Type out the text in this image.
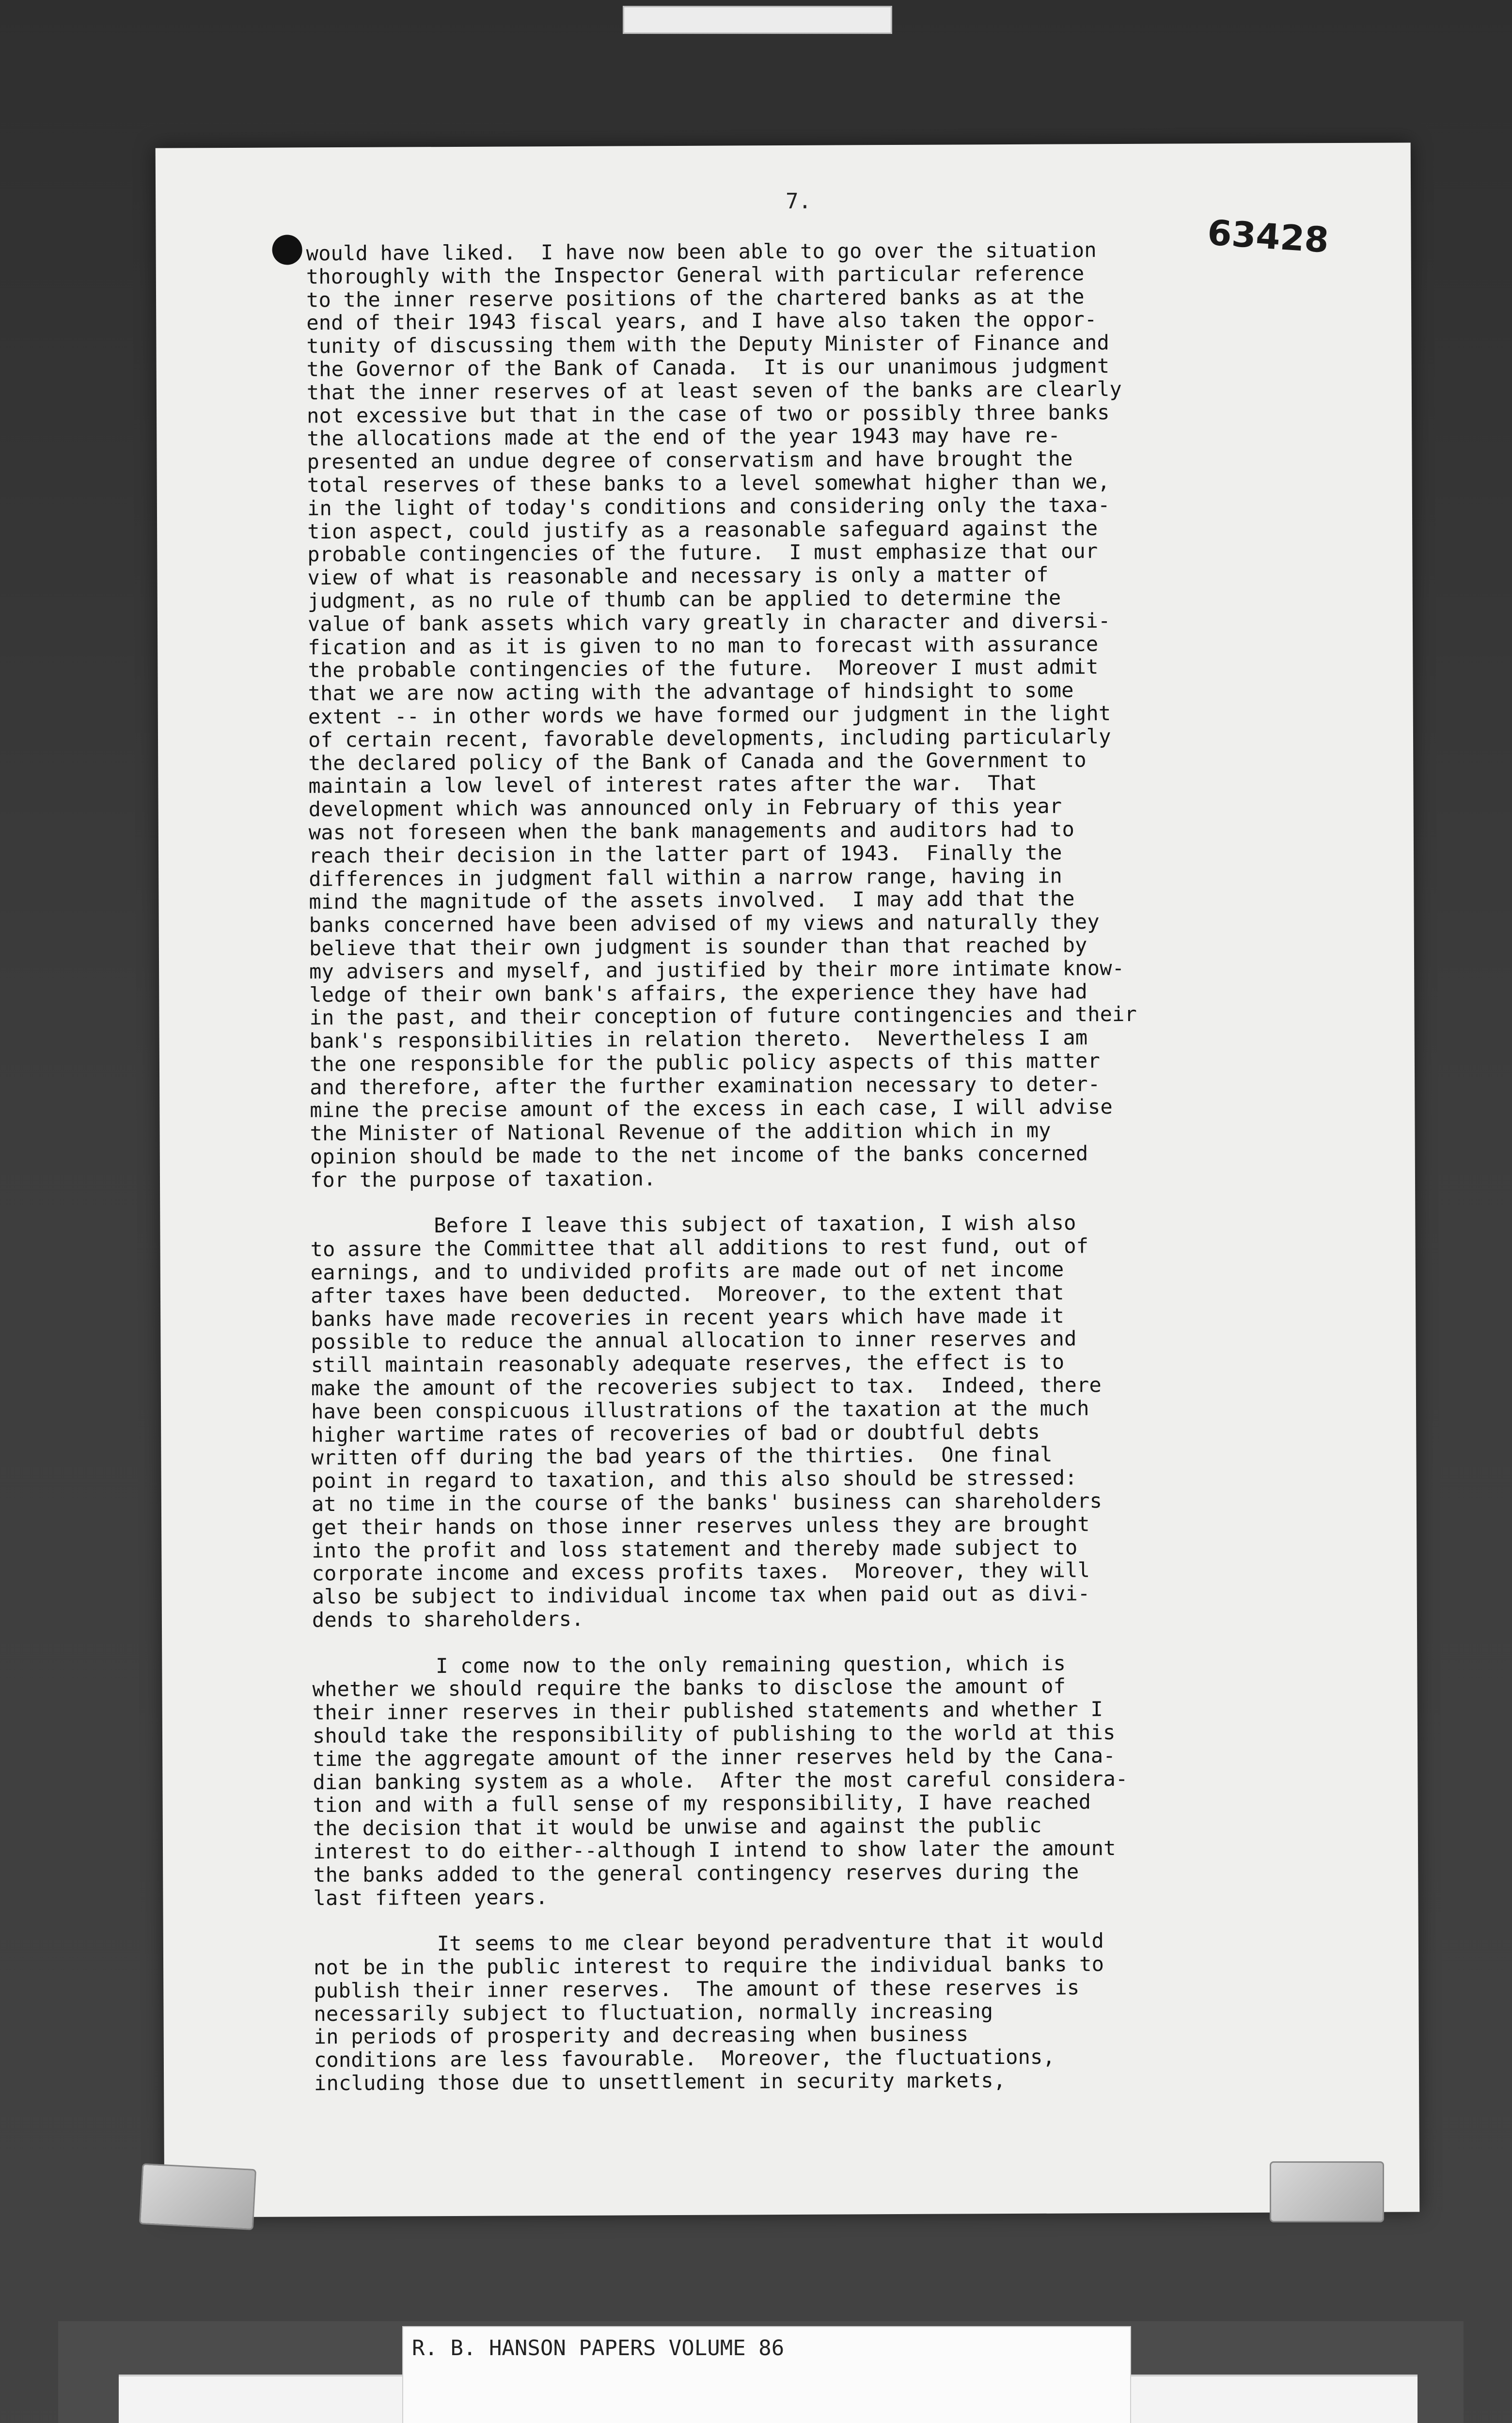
7.
63428
would have liked.  I have now been able to go over the situation
thoroughly with the Inspector General with particular reference
to the inner reserve positions of the chartered banks as at the
end of their 1943 fiscal years, and I have also taken the oppor-
tunity of discussing them with the Deputy Minister of Finance and
the Governor of the Bank of Canada.  It is our unanimous judgment
that the inner reserves of at least seven of the banks are clearly
not excessive but that in the case of two or possibly three banks
the allocations made at the end of the year 1943 may have re-
presented an undue degree of conservatism and have brought the
total reserves of these banks to a level somewhat higher than we,
in the light of today's conditions and considering only the taxa-
tion aspect, could justify as a reasonable safeguard against the
probable contingencies of the future.  I must emphasize that our
view of what is reasonable and necessary is only a matter of
judgment, as no rule of thumb can be applied to determine the
value of bank assets which vary greatly in character and diversi-
fication and as it is given to no man to forecast with assurance
the probable contingencies of the future.  Moreover I must admit
that we are now acting with the advantage of hindsight to some
extent -- in other words we have formed our judgment in the light
of certain recent, favorable developments, including particularly
the declared policy of the Bank of Canada and the Government to
maintain a low level of interest rates after the war.  That
development which was announced only in February of this year
was not foreseen when the bank managements and auditors had to
reach their decision in the latter part of 1943.  Finally the
differences in judgment fall within a narrow range, having in
mind the magnitude of the assets involved.  I may add that the
banks concerned have been advised of my views and naturally they
believe that their own judgment is sounder than that reached by
my advisers and myself, and justified by their more intimate know-
ledge of their own bank's affairs, the experience they have had
in the past, and their conception of future contingencies and their
bank's responsibilities in relation thereto.  Nevertheless I am
the one responsible for the public policy aspects of this matter
and therefore, after the further examination necessary to deter-
mine the precise amount of the excess in each case, I will advise
the Minister of National Revenue of the addition which in my
opinion should be made to the net income of the banks concerned
for the purpose of taxation.
Before I leave this subject of taxation, I wish also
to assure the Committee that all additions to rest fund, out of
earnings, and to undivided profits are made out of net income
after taxes have been deducted.  Moreover, to the extent that
banks have made recoveries in recent years which have made it
possible to reduce the annual allocation to inner reserves and
still maintain reasonably adequate reserves, the effect is to
make the amount of the recoveries subject to tax.  Indeed, there
have been conspicuous illustrations of the taxation at the much
higher wartime rates of recoveries of bad or doubtful debts
written off during the bad years of the thirties.  One final
point in regard to taxation, and this also should be stressed:
at no time in the course of the banks' business can shareholders
get their hands on those inner reserves unless they are brought
into the profit and loss statement and thereby made subject to
corporate income and excess profits taxes.  Moreover, they will
also be subject to individual income tax when paid out as divi-
dends to shareholders.
I come now to the only remaining question, which is
whether we should require the banks to disclose the amount of
their inner reserves in their published statements and whether I
should take the responsibility of publishing to the world at this
time the aggregate amount of the inner reserves held by the Cana-
dian banking system as a whole.  After the most careful considera-
tion and with a full sense of my responsibility, I have reached
the decision that it would be unwise and against the public
interest to do either--although I intend to show later the amount
the banks added to the general contingency reserves during the
last fifteen years.
It seems to me clear beyond peradventure that it would
not be in the public interest to require the individual banks to
publish their inner reserves.  The amount of these reserves is
necessarily subject to fluctuation, normally increasing
in periods of prosperity and decreasing when business
conditions are less favourable.  Moreover, the fluctuations,
including those due to unsettlement in security markets,
R. B. HANSON PAPERS VOLUME 86
